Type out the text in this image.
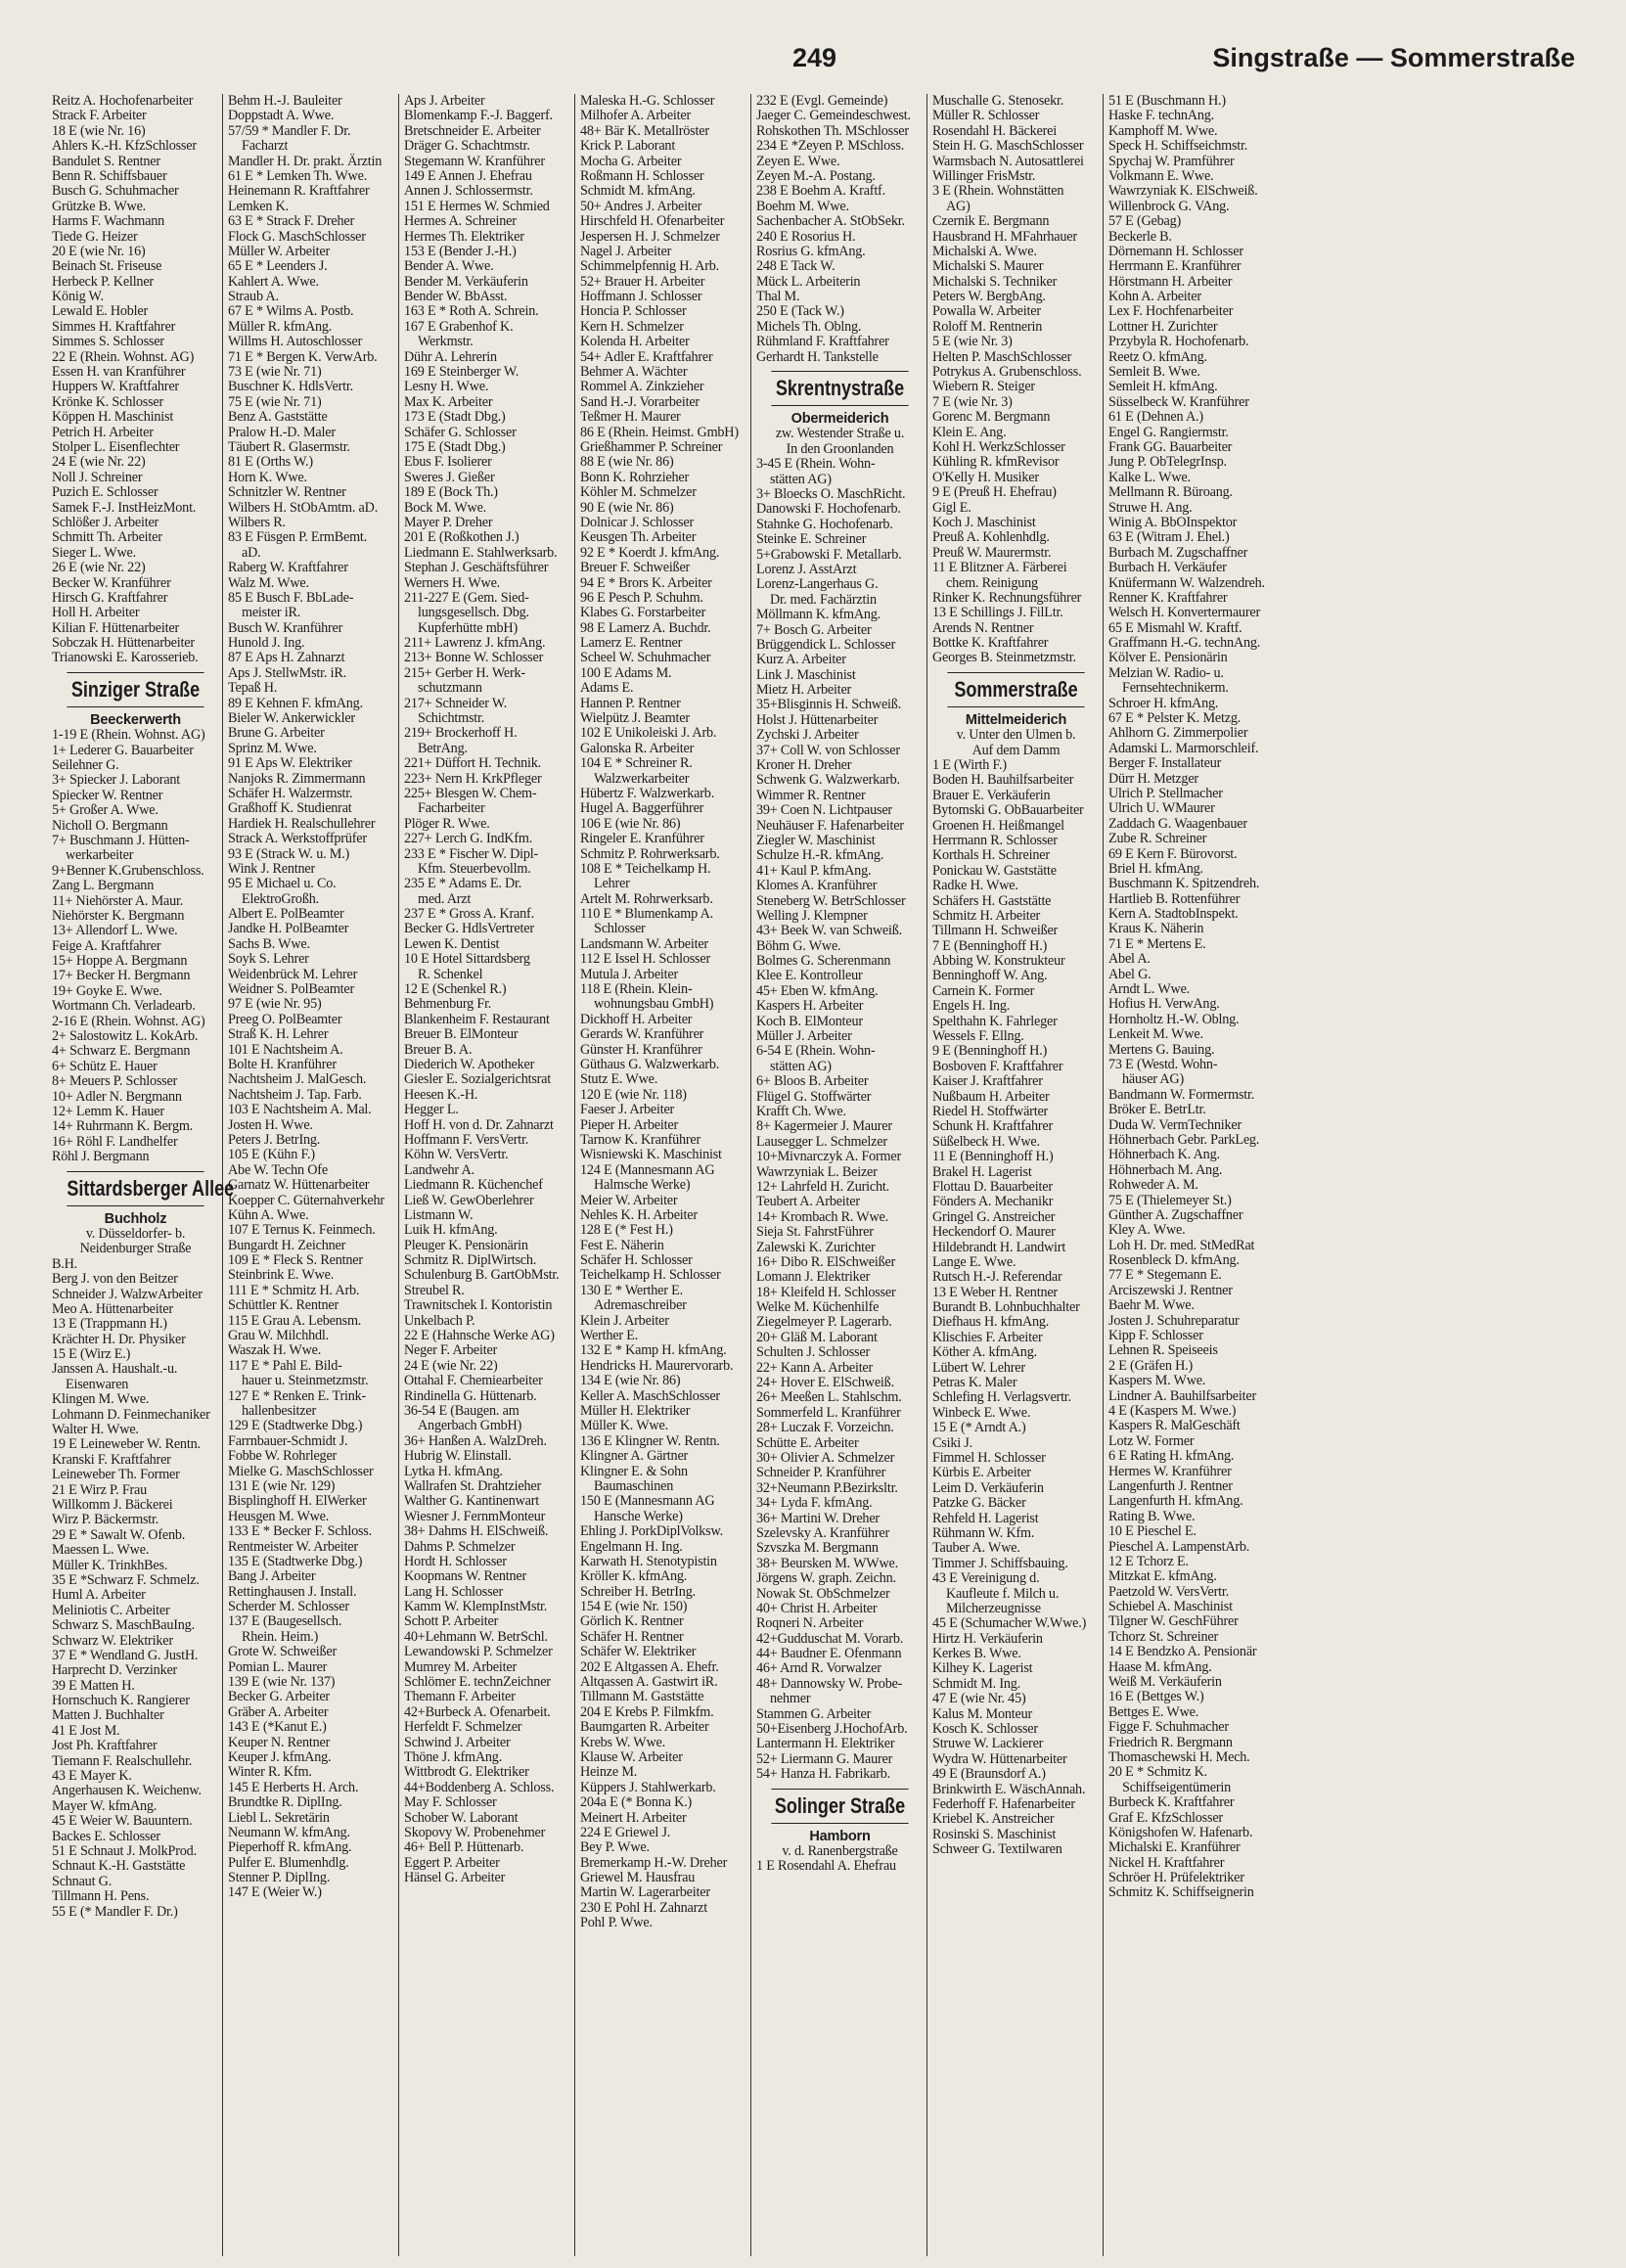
249	Singstraße — Sommerstraße
Reitz A. Hochofenarbeiter
Strack F. Arbeiter
18 E (wie Nr. 16)
Ahlers K.-H. KfzSchlosser
Bandulet S. Rentner
Benn R. Schiffsbauer
Busch G. Schuhmacher
Grützke B. Wwe.
Harms F. Wachmann
Tiede G. Heizer
20 E (wie Nr. 16)
Beinach St. Friseuse
Herbeck P. Kellner
König W.
Lewald E. Hobler
Simmes H. Kraftfahrer
Simmes S. Schlosser
22 E (Rhein. Wohnst. AG)
Essen H. van Kranführer
Huppers W. Kraftfahrer
Krönke K. Schlosser
Köppen H. Maschinist
Petrich H. Arbeiter
Stolper L. Eisenflechter
24 E (wie Nr. 22)
Noll J. Schreiner
Puzich E. Schlosser
Samek F.-J. InstHeizMont.
Schlößer J. Arbeiter
Schmitt Th. Arbeiter
Sieger L. Wwe.
26 E (wie Nr. 22)
Becker W. Kranführer
Hirsch G. Kraftfahrer
Holl H. Arbeiter
Kilian F. Hüttenarbeiter
Sobczak H. Hüttenarbeiter
Trianowski E. Karosserieb.
Sinziger Straße
Beeckerwerth
1-19 E (Rhein. Wohnst. AG)
1+ Lederer G. Bauarbeiter
Seilehner G.
3+ Spiecker J. Laborant
Spiecker W. Rentner
5+ Großer A. Wwe.
Nicholl O. Bergmann
7+ Buschmann J. Hütten-
werkarbeiter
9+Benner K.Grubenschloss.
Zang L. Bergmann
11+ Niehörster A. Maur.
Niehörster K. Bergmann
13+ Allendorf L. Wwe.
Feige A. Kraftfahrer
15+ Hoppe A. Bergmann
17+ Becker H. Bergmann
19+ Goyke E. Wwe.
Wortmann Ch. Verladearb.
2-16 E (Rhein. Wohnst. AG)
2+ Salostowitz L. KokArb.
4+ Schwarz E. Bergmann
6+ Schütz E. Hauer
8+ Meuers P. Schlosser
10+ Adler N. Bergmann
12+ Lemm K. Hauer
14+ Ruhrmann K. Bergm.
16+ Röhl F. Landhelfer
Röhl J. Bergmann
Sittardsberger Allee
Buchholz
v. Düsseldorfer- b.
Neidenburger Straße
B.H.
Berg J. von den Beitzer
Schneider J. WalzwArbeiter
Meo A. Hüttenarbeiter
13 E (Trappmann H.)
Krächter H. Dr. Physiker
15 E (Wirz E.)
Janssen A. Haushalt.-u.
Eisenwaren
Klingen M. Wwe.
Lohmann D. Feinmechaniker
Walter H. Wwe.
19 E Leineweber W. Rentn.
Kranski F. Kraftfahrer
Leineweber Th. Former
21 E Wirz P. Frau
Willkomm J. Bäckerei
Wirz P. Bäckermstr.
29 E * Sawalt W. Ofenb.
Maessen L. Wwe.
Müller K. TrinkhBes.
35 E *Schwarz F. Schmelz.
Huml A. Arbeiter
Meliniotis C. Arbeiter
Schwarz S. MaschBauIng.
Schwarz W. Elektriker
37 E * Wendland G. JustH.
Harprecht D. Verzinker
39 E Matten H.
Hornschuch K. Rangierer
Matten J. Buchhalter
41 E Jost M.
Jost Ph. Kraftfahrer
Tiemann F. Realschullehr.
43 E Mayer K.
Angerhausen K. Weichenw.
Mayer W. kfmAng.
45 E Weier W. Bauuntern.
Backes E. Schlosser
51 E Schnaut J. MolkProd.
Schnaut K.-H. Gaststätte
Schnaut G.
Tillmann H. Pens.
55 E (* Mandler F. Dr.)
Behm H.-J. Bauleiter
Doppstadt A. Wwe.
57/59 * Mandler F. Dr.
Facharzt
Mandler H. Dr. prakt. Ärztin
61 E * Lemken Th. Wwe.
Heinemann R. Kraftfahrer
Lemken K.
63 E * Strack F. Dreher
Flock G. MaschSchlosser
Müller W. Arbeiter
65 E * Leenders J.
Kahlert A. Wwe.
Straub A.
67 E * Wilms A. Postb.
Müller R. kfmAng.
Willms H. Autoschlosser
71 E * Bergen K. VerwArb.
73 E (wie Nr. 71)
Buschner K. HdlsVertr.
75 E (wie Nr. 71)
Benz A. Gaststätte
Pralow H.-D. Maler
Täubert R. Glasermstr.
81 E (Orths W.)
Horn K. Wwe.
Schnitzler W. Rentner
Wilbers H. StObAmtm. aD.
Wilbers R.
83 E Füsgen P. ErmBemt.
aD.
Raberg W. Kraftfahrer
Walz M. Wwe.
85 E Busch F. BbLade-
meister iR.
Busch W. Kranführer
Hunold J. Ing.
87 E Aps H. Zahnarzt
Aps J. StellwMstr. iR.
Tepaß H.
89 E Kehnen F. kfmAng.
Bieler W. Ankerwickler
Brune G. Arbeiter
Sprinz M. Wwe.
91 E Aps W. Elektriker
Nanjoks R. Zimmermann
Schäfer H. Walzermstr.
Graßhoff K. Studienrat
Hardiek H. Realschullehrer
Strack A. Werkstoffprüfer
93 E (Strack W. u. M.)
Wink J. Rentner
95 E Michael u. Co.
ElektroGroßh.
Albert E. PolBeamter
Jandke H. PolBeamter
Sachs B. Wwe.
Soyk S. Lehrer
Weidenbrück M. Lehrer
Weidner S. PolBeamter
97 E (wie Nr. 95)
Preeg O. PolBeamter
Straß K. H. Lehrer
101 E Nachtsheim A.
Bolte H. Kranführer
Nachtsheim J. MalGesch.
Nachtsheim J. Tap. Farb.
103 E Nachtsheim A. Mal.
Josten H. Wwe.
Peters J. BetrIng.
105 E (Kühn F.)
Abe W. Techn Ofe
Garnatz W. Hüttenarbeiter
Koepper C. Güternahverkehr
Kühn A. Wwe.
107 E Ternus K. Feinmech.
Bungardt H. Zeichner
109 E * Fleck S. Rentner
Steinbrink E. Wwe.
111 E * Schmitz H. Arb.
Schüttler K. Rentner
115 E Grau A. Lebensm.
Grau W. Milchhdl.
Waszak H. Wwe.
117 E * Pahl E. Bild-
hauer u. Steinmetzmstr.
127 E * Renken E. Trink-
hallenbesitzer
129 E (Stadtwerke Dbg.)
Farrnbauer-Schmidt J.
Fobbe W. Rohrleger
Mielke G. MaschSchlosser
131 E (wie Nr. 129)
Bisplinghoff H. ElWerker
Heusgen M. Wwe.
133 E * Becker F. Schloss.
Rentmeister W. Arbeiter
135 E (Stadtwerke Dbg.)
Bang J. Arbeiter
Rettinghausen J. Install.
Scherder M. Schlosser
137 E (Baugesellsch.
Rhein. Heim.)
Grote W. Schweißer
Pomian L. Maurer
139 E (wie Nr. 137)
Becker G. Arbeiter
Gräber A. Arbeiter
143 E (*Kanut E.)
Keuper N. Rentner
Keuper J. kfmAng.
Winter R. Kfm.
145 E Herberts H. Arch.
Brundtke R. DiplIng.
Liebl L. Sekretärin
Neumann W. kfmAng.
Pieperhoff R. kfmAng.
Pulfer E. Blumenhdlg.
Stenner P. DiplIng.
147 E (Weier W.)
Aps J. Arbeiter
Blomenkamp F.-J. Baggerf.
Bretschneider E. Arbeiter
Dräger G. Schachtmstr.
Stegemann W. Kranführer
149 E Annen J. Ehefrau
Annen J. Schlossermstr.
151 E Hermes W. Schmied
Hermes A. Schreiner
Hermes Th. Elektriker
153 E (Bender J.-H.)
Bender A. Wwe.
Bender M. Verkäuferin
Bender W. BbAsst.
163 E * Roth A. Schrein.
167 E Grabenhof K.
Werkmstr.
Dühr A. Lehrerin
169 E Steinberger W.
Lesny H. Wwe.
Max K. Arbeiter
173 E (Stadt Dbg.)
Schäfer G. Schlosser
175 E (Stadt Dbg.)
Ebus F. Isolierer
Sweres J. Gießer
189 E (Bock Th.)
Bock M. Wwe.
Mayer P. Dreher
201 E (Roßkothen J.)
Liedmann E. Stahlwerksarb.
Stephan J. Geschäftsführer
Werners H. Wwe.
211-227 E (Gem. Sied-
lungsgesellsch. Dbg.
Kupferhütte mbH)
211+ Lawrenz J. kfmAng.
213+ Bonne W. Schlosser
215+ Gerber H. Werk-
schutzmann
217+ Schneider W.
Schichtmstr.
219+ Brockerhoff H.
BetrAng.
221+ Düffort H. Technik.
223+ Nern H. KrkPfleger
225+ Blesgen W. Chem-
Facharbeiter
Plöger R. Wwe.
227+ Lerch G. IndKfm.
233 E * Fischer W. Dipl-
Kfm. Steuerbevollm.
235 E * Adams E. Dr.
med. Arzt
237 E * Gross A. Kranf.
Becker G. HdlsVertreter
Lewen K. Dentist
10 E Hotel Sittardsberg
R. Schenkel
12 E (Schenkel R.)
Behmenburg Fr.
Blankenheim F. Restaurant
Breuer B. ElMonteur
Breuer B. A.
Diederich W. Apotheker
Giesler E. Sozialgerichtsrat
Heesen K.-H.
Hegger L.
Hoff H. von d. Dr. Zahnarzt
Hoffmann F. VersVertr.
Köhn W. VersVertr.
Landwehr A.
Liedmann R. Küchenchef
Ließ W. GewOberlehrer
Listmann W.
Luik H. kfmAng.
Pleuger K. Pensionärin
Schmitz R. DiplWirtsch.
Schulenburg B. GartObMstr.
Streubel R.
Trawnitschek I. Kontoristin
Unkelbach P.
22 E (Hahnsche Werke AG)
Neger F. Arbeiter
24 E (wie Nr. 22)
Ottahal F. Chemiearbeiter
Rindinella G. Hüttenarb.
36-54 E (Baugen. am
Angerbach GmbH)
36+ Hanßen A. WalzDreh.
Hubrig W. Elinstall.
Lytka H. kfmAng.
Wallrafen St. Drahtzieher
Walther G. Kantinenwart
Wiesner J. FernmMonteur
38+ Dahms H. ElSchweiß.
Dahms P. Schmelzer
Hordt H. Schlosser
Koopmans W. Rentner
Lang H. Schlosser
Kamm W. KlempInstMstr.
Schott P. Arbeiter
40+Lehmann W. BetrSchl.
Lewandowski P. Schmelzer
Mumrey M. Arbeiter
Schlömer E. technZeichner
Themann F. Arbeiter
42+Burbeck A. Ofenarbeit.
Herfeldt F. Schmelzer
Schwind J. Arbeiter
Thöne J. kfmAng.
Wittbrodt G. Elektriker
44+Boddenberg A. Schloss.
May F. Schlosser
Schober W. Laborant
Skopovy W. Probenehmer
46+ Bell P. Hüttenarb.
Eggert P. Arbeiter
Hänsel G. Arbeiter
Maleska H.-G. Schlosser
Milhofer A. Arbeiter
48+ Bär K. Metallröster
Krick P. Laborant
Mocha G. Arbeiter
Roßmann H. Schlosser
Schmidt M. kfmAng.
50+ Andres J. Arbeiter
Hirschfeld H. Ofenarbeiter
Jespersen H. J. Schmelzer
Nagel J. Arbeiter
Schimmelpfennig H. Arb.
52+ Brauer H. Arbeiter
Hoffmann J. Schlosser
Honcia P. Schlosser
Kern H. Schmelzer
Kolenda H. Arbeiter
54+ Adler E. Kraftfahrer
Behmer A. Wächter
Rommel A. Zinkzieher
Sand H.-J. Vorarbeiter
Teßmer H. Maurer
86 E (Rhein. Heimst. GmbH)
Grießhammer P. Schreiner
88 E (wie Nr. 86)
Bonn K. Rohrzieher
Köhler M. Schmelzer
90 E (wie Nr. 86)
Dolnicar J. Schlosser
Keusgen Th. Arbeiter
92 E * Koerdt J. kfmAng.
Breuer F. Schweißer
94 E * Brors K. Arbeiter
96 E Pesch P. Schuhm.
Klabes G. Forstarbeiter
98 E Lamerz A. Buchdr.
Lamerz E. Rentner
Scheel W. Schuhmacher
100 E Adams M.
Adams E.
Hannen P. Rentner
Wielpütz J. Beamter
102 E Unikoleiski J. Arb.
Galonska R. Arbeiter
104 E * Schreiner R.
Walzwerkarbeiter
Hübertz F. Walzwerkarb.
Hugel A. Baggerführer
106 E (wie Nr. 86)
Ringeler E. Kranführer
Schmitz P. Rohrwerksarb.
108 E * Teichelkamp H.
Lehrer
Artelt M. Rohrwerksarb.
110 E * Blumenkamp A.
Schlosser
Landsmann W. Arbeiter
112 E Issel H. Schlosser
Mutula J. Arbeiter
118 E (Rhein. Klein-
wohnungsbau GmbH)
Dickhoff H. Arbeiter
Gerards W. Kranführer
Günster H. Kranführer
Güthaus G. Walzwerkarb.
Stutz E. Wwe.
120 E (wie Nr. 118)
Faeser J. Arbeiter
Pieper H. Arbeiter
Tarnow K. Kranführer
Wisniewski K. Maschinist
124 E (Mannesmann AG
Halmsche Werke)
Meier W. Arbeiter
Nehles K. H. Arbeiter
128 E (* Fest H.)
Fest E. Näherin
Schäfer H. Schlosser
Teichelkamp H. Schlosser
130 E * Werther E.
Adremaschreiber
Klein J. Arbeiter
Werther E.
132 E * Kamp H. kfmAng.
Hendricks H. Maurervorarb.
134 E (wie Nr. 86)
Keller A. MaschSchlosser
Müller H. Elektriker
Müller K. Wwe.
136 E Klingner W. Rentn.
Klingner A. Gärtner
Klingner E. & Sohn
Baumaschinen
150 E (Mannesmann AG
Hansche Werke)
Ehling J. PorkDiplVolksw.
Engelmann H. Ing.
Karwath H. Stenotypistin
Kröller K. kfmAng.
Schreiber H. BetrIng.
154 E (wie Nr. 150)
Görlich K. Rentner
Schäfer H. Rentner
Schäfer W. Elektriker
202 E Altgassen A. Ehefr.
Altqassen A. Gastwirt iR.
Tillmann M. Gaststätte
204 E Krebs P. Filmkfm.
Baumgarten R. Arbeiter
Krebs W. Wwe.
Klause W. Arbeiter
Heinze M.
Küppers J. Stahlwerkarb.
204a E (* Bonna K.)
Meinert H. Arbeiter
224 E Griewel J.
Bey P. Wwe.
Bremerkamp H.-W. Dreher
Griewel M. Hausfrau
Martin W. Lagerarbeiter
230 E Pohl H. Zahnarzt
Pohl P. Wwe.
232 E (Evgl. Gemeinde)
Jaeger C. Gemeindeschwest.
Rohskothen Th. MSchlosser
234 E *Zeyen P. MSchloss.
Zeyen E. Wwe.
Zeyen M.-A. Postang.
238 E Boehm A. Kraftf.
Boehm M. Wwe.
Sachenbacher A. StObSekr.
240 E Rosorius H.
Rosrius G. kfmAng.
248 E Tack W.
Mück L. Arbeiterin
Thal M.
250 E (Tack W.)
Michels Th. Oblng.
Rühmland F. Kraftfahrer
Gerhardt H. Tankstelle
Skrentnystraße
Obermeiderich
zw. Westender Straße u.
In den Groonlanden
3-45 E (Rhein. Wohn-
stätten AG)
3+ Bloecks O. MaschRicht.
Danowski F. Hochofenarb.
Stahnke G. Hochofenarb.
Steinke E. Schreiner
5+Grabowski F. Metallarb.
Lorenz J. AsstArzt
Lorenz-Langerhaus G.
Dr. med. Fachärztin
Möllmann K. kfmAng.
7+ Bosch G. Arbeiter
Brüggendick L. Schlosser
Kurz A. Arbeiter
Link J. Maschinist
Mietz H. Arbeiter
35+Blisginnis H. Schweiß.
Holst J. Hüttenarbeiter
Zychski J. Arbeiter
37+ Coll W. von Schlosser
Kroner H. Dreher
Schwenk G. Walzwerkarb.
Wimmer R. Rentner
39+ Coen N. Lichtpauser
Neuhäuser F. Hafenarbeiter
Ziegler W. Maschinist
Schulze H.-R. kfmAng.
41+ Kaul P. kfmAng.
Klomes A. Kranführer
Steneberg W. BetrSchlosser
Welling J. Klempner
43+ Beek W. van Schweiß.
Böhm G. Wwe.
Bolmes G. Scherenmann
Klee E. Kontrolleur
45+ Eben W. kfmAng.
Kaspers H. Arbeiter
Koch B. ElMonteur
Müller J. Arbeiter
6-54 E (Rhein. Wohn-
stätten AG)
6+ Bloos B. Arbeiter
Flügel G. Stoffwärter
Krafft Ch. Wwe.
8+ Kagermeier J. Maurer
Lausegger L. Schmelzer
10+Mivnarczyk A. Former
Wawrzyniak L. Beizer
12+ Lahrfeld H. Zuricht.
Teubert A. Arbeiter
14+ Krombach R. Wwe.
Sieja St. FahrstFührer
Zalewski K. Zurichter
16+ Dibo R. ElSchweißer
Lomann J. Elektriker
18+ Kleifeld H. Schlosser
Welke M. Küchenhilfe
Ziegelmeyer P. Lagerarb.
20+ Gläß M. Laborant
Schulten J. Schlosser
22+ Kann A. Arbeiter
24+ Hover E. ElSchweiß.
26+ Meeßen L. Stahlschm.
Sommerfeld L. Kranführer
28+ Luczak F. Vorzeichn.
Schütte E. Arbeiter
30+ Olivier A. Schmelzer
Schneider P. Kranführer
32+Neumann P.Bezirksltr.
34+ Lyda F. kfmAng.
36+ Martini W. Dreher
Szelevsky A. Kranführer
Szvszka M. Bergmann
38+ Beursken M. WWwe.
Jörgens W. graph. Zeichn.
Nowak St. ObSchmelzer
40+ Christ H. Arbeiter
Roqneri N. Arbeiter
42+Gudduschat M. Vorarb.
44+ Baudner E. Ofenmann
46+ Arnd R. Vorwalzer
48+ Dannowsky W. Probe-
nehmer
Stammen G. Arbeiter
50+Eisenberg J.HochofArb.
Lantermann H. Elektriker
52+ Liermann G. Maurer
54+ Hanza H. Fabrikarb.
Solinger Straße
Hamborn
v. d. Ranenbergstraße
1 E Rosendahl A. Ehefrau
Muschalle G. Stenosekr.
Müller R. Schlosser
Rosendahl H. Bäckerei
Stein H. G. MaschSchlosser
Warmsbach N. Autosattlerei
Willinger FrisMstr.
3 E (Rhein. Wohnstätten
AG)
Czernik E. Bergmann
Hausbrand H. MFahrhauer
Michalski A. Wwe.
Michalski S. Maurer
Michalski S. Techniker
Peters W. BergbAng.
Powalla W. Arbeiter
Roloff M. Rentnerin
5 E (wie Nr. 3)
Helten P. MaschSchlosser
Potrykus A. Grubenschloss.
Wiebern R. Steiger
7 E (wie Nr. 3)
Gorenc M. Bergmann
Klein E. Ang.
Kohl H. WerkzSchlosser
Kühling R. kfmRevisor
O'Kelly H. Musiker
9 E (Preuß H. Ehefrau)
Gigl E.
Koch J. Maschinist
Preuß A. Kohlenhdlg.
Preuß W. Maurermstr.
11 E Blitzner A. Färberei
chem. Reinigung
Rinker K. Rechnungsführer
13 E Schillings J. FilLtr.
Arends N. Rentner
Bottke K. Kraftfahrer
Georges B. Steinmetzmstr.
Sommerstraße
Mittelmeiderich
v. Unter den Ulmen b.
Auf dem Damm
1 E (Wirth F.)
Boden H. Bauhilfsarbeiter
Brauer E. Verkäuferin
Bytomski G. ObBauarbeiter
Groenen H. Heißmangel
Herrmann R. Schlosser
Korthals H. Schreiner
Ponickau W. Gaststätte
Radke H. Wwe.
Schäfers H. Gaststätte
Schmitz H. Arbeiter
Tillmann H. Schweißer
7 E (Benninghoff H.)
Abbing W. Konstrukteur
Benninghoff W. Ang.
Carnein K. Former
Engels H. Ing.
Spelthahn K. Fahrleger
Wessels F. Ellng.
9 E (Benninghoff H.)
Bosboven F. Kraftfahrer
Kaiser J. Kraftfahrer
Nußbaum H. Arbeiter
Riedel H. Stoffwärter
Schunk H. Kraftfahrer
Süßelbeck H. Wwe.
11 E (Benninghoff H.)
Brakel H. Lagerist
Flottau D. Bauarbeiter
Fönders A. Mechanikr
Gringel G. Anstreicher
Heckendorf O. Maurer
Hildebrandt H. Landwirt
Lange E. Wwe.
Rutsch H.-J. Referendar
13 E Weber H. Rentner
Burandt B. Lohnbuchhalter
Diefhaus H. kfmAng.
Klischies F. Arbeiter
Köther A. kfmAng.
Lübert W. Lehrer
Petras K. Maler
Schlefing H. Verlagsvertr.
Winbeck E. Wwe.
15 E (* Arndt A.)
Csiki J.
Fimmel H. Schlosser
Kürbis E. Arbeiter
Leim D. Verkäuferin
Patzke G. Bäcker
Rehfeld H. Lagerist
Rühmann W. Kfm.
Tauber A. Wwe.
Timmer J. Schiffsbauing.
43 E Vereinigung d.
Kaufleute f. Milch u.
Milcherzeugnisse
45 E (Schumacher W.Wwe.)
Hirtz H. Verkäuferin
Kerkes B. Wwe.
Kilhey K. Lagerist
Schmidt M. Ing.
47 E (wie Nr. 45)
Kalus M. Monteur
Kosch K. Schlosser
Struwe W. Lackierer
Wydra W. Hüttenarbeiter
49 E (Braunsdorf A.)
Brinkwirth E. WäschAnnah.
Federhoff F. Hafenarbeiter
Kriebel K. Anstreicher
Rosinski S. Maschinist
Schweer G. Textilwaren
51 E (Buschmann H.)
Haske F. technAng.
Kamphoff M. Wwe.
Speck H. Schiffseichmstr.
Spychaj W. Pramführer
Volkmann E. Wwe.
Wawrzyniak K. ElSchweiß.
Willenbrock G. VAng.
57 E (Gebag)
Beckerle B.
Dörnemann H. Schlosser
Herrmann E. Kranführer
Hörstmann H. Arbeiter
Kohn A. Arbeiter
Lex F. Hochfenarbeiter
Lottner H. Zurichter
Przybyla R. Hochofenarb.
Reetz O. kfmAng.
Semleit B. Wwe.
Semleit H. kfmAng.
Süsselbeck W. Kranführer
61 E (Dehnen A.)
Engel G. Rangiermstr.
Frank GG. Bauarbeiter
Jung P. ObTelegrInsp.
Kalke L. Wwe.
Mellmann R. Büroang.
Struwe H. Ang.
Winig A. BbOInspektor
63 E (Witram J. Ehel.)
Burbach M. Zugschaffner
Burbach H. Verkäufer
Knüfermann W. Walzendreh.
Renner K. Kraftfahrer
Welsch H. Konvertermaurer
65 E Mismahl W. Kraftf.
Graffmann H.-G. technAng.
Kölver E. Pensionärin
Melzian W. Radio- u.
Fernsehtechnikerm.
Schroer H. kfmAng.
67 E * Pelster K. Metzg.
Ahlhorn G. Zimmerpolier
Adamski L. Marmorschleif.
Berger F. Installateur
Dürr H. Metzger
Ulrich P. Stellmacher
Ulrich U. WMaurer
Zaddach G. Waagenbauer
Zube R. Schreiner
69 E Kern F. Bürovorst.
Briel H. kfmAng.
Buschmann K. Spitzendreh.
Hartlieb B. Rottenführer
Kern A. StadtobInspekt.
Kraus K. Näherin
71 E * Mertens E.
Abel A.
Abel G.
Arndt L. Wwe.
Hofius H. VerwAng.
Hornholtz H.-W. Oblng.
Lenkeit M. Wwe.
Mertens G. Bauing.
73 E (Westd. Wohn-
häuser AG)
Bandmann W. Formermstr.
Bröker E. BetrLtr.
Duda W. VermTechniker
Höhnerbach Gebr. ParkLeg.
Höhnerbach K. Ang.
Höhnerbach M. Ang.
Rohweder A. M.
75 E (Thielemeyer St.)
Günther A. Zugschaffner
Kley A. Wwe.
Loh H. Dr. med. StMedRat
Rosenbleck D. kfmAng.
77 E * Stegemann E.
Arciszewski J. Rentner
Baehr M. Wwe.
Josten J. Schuhreparatur
Kipp F. Schlosser
Lehnen R. Speiseeis
2 E (Gräfen H.)
Kaspers M. Wwe.
Lindner A. Bauhilfsarbeiter
4 E (Kaspers M. Wwe.)
Kaspers R. MalGeschäft
Lotz W. Former
6 E Rating H. kfmAng.
Hermes W. Kranführer
Langenfurth J. Rentner
Langenfurth H. kfmAng.
Rating B. Wwe.
10 E Pieschel E.
Pieschel A. LampenstArb.
12 E Tchorz E.
Mitzkat E. kfmAng.
Paetzold W. VersVertr.
Schiebel A. Maschinist
Tilgner W. GeschFührer
Tchorz St. Schreiner
14 E Bendzko A. Pensionär
Haase M. kfmAng.
Weiß M. Verkäuferin
16 E (Bettges W.)
Bettges E. Wwe.
Figge F. Schuhmacher
Friedrich R. Bergmann
Thomaschewski H. Mech.
20 E * Schmitz K.
Schiffseigentümerin
Burbeck K. Kraftfahrer
Graf E. KfzSchlosser
Königshofen W. Hafenarb.
Michalski E. Kranführer
Nickel H. Kraftfahrer
Schröer H. Prüfelektriker
Schmitz K. Schiffseignerin
